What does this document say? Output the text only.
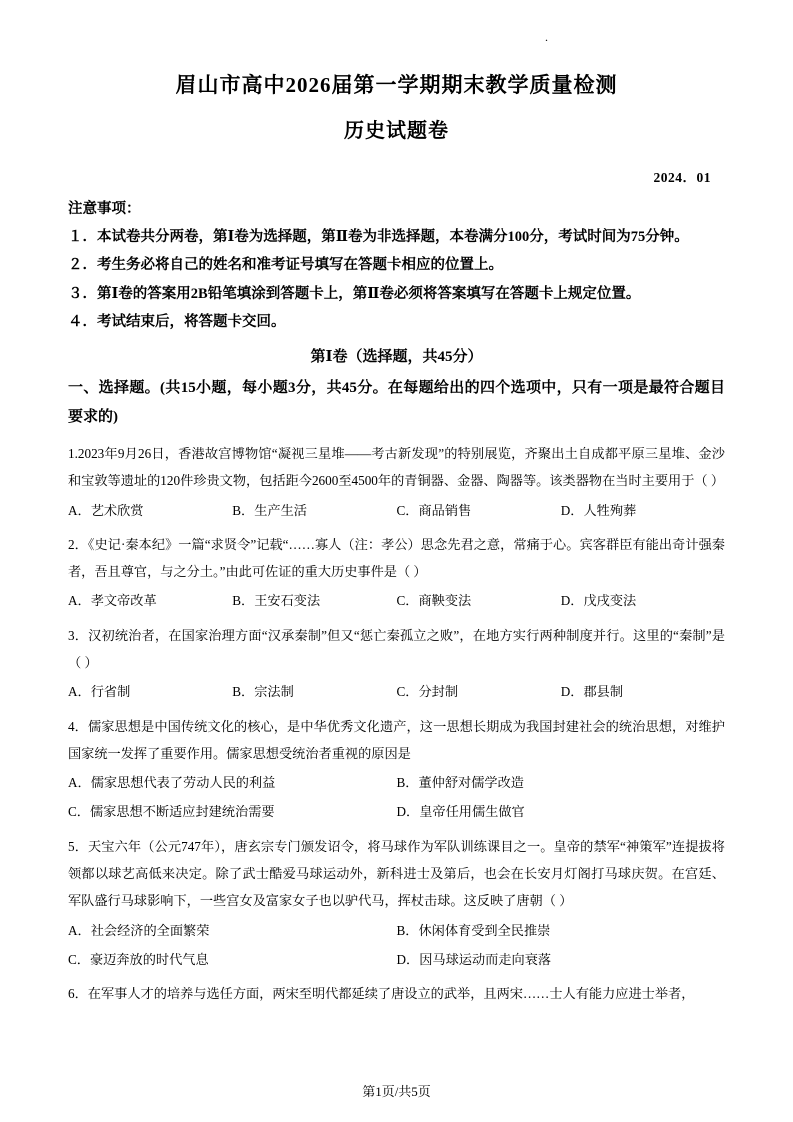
.
眉山市高中2026届第一学期期末教学质量检测
历史试题卷
2024．01
注意事项：
１．本试卷共分两卷，第Ⅰ卷为选择题，第Ⅱ卷为非选择题，本卷满分100分，考试时间为75分钟。
２．考生务必将自己的姓名和准考证号填写在答题卡相应的位置上。
３．第Ⅰ卷的答案用2B铅笔填涂到答题卡上，第Ⅱ卷必须将答案填写在答题卡上规定位置。
４．考试结束后，将答题卡交回。
第Ⅰ卷（选择题，共45分）
一、选择题。(共15小题，每小题3分，共45分。在每题给出的四个选项中，只有一项是最符合题目要求的)
1.2023年9月26日，香港故宫博物馆“凝视三星堆——考古新发现”的特别展览，齐聚出土自成都平原三星堆、金沙和宝敦等遗址的120件珍贵文物，包括距今2600至4500年的青铜器、金器、陶器等。该类器物在当时主要用于（ ）
A．艺术欣赏	B．生产生活	C．商品销售	D．人牲殉葬
2．《史记·秦本纪》一篇“求贤令”记载“……寡人（注：孝公）思念先君之意，常痛于心。宾客群臣有能出奇计强秦者，吾且尊官，与之分土。”由此可佐证的重大历史事件是（ ）
A．孝文帝改革	B．王安石变法	C．商鞅变法	D．戊戌变法
3．汉初统治者，在国家治理方面“汉承秦制”但又“惩亡秦孤立之败”，在地方实行两种制度并行。这里的“秦制”是（ ）
A．行省制	B．宗法制	C．分封制	D．郡县制
4．儒家思想是中国传统文化的核心，是中华优秀文化遗产，这一思想长期成为我国封建社会的统治思想，对维护国家统一发挥了重要作用。儒家思想受统治者重视的原因是
A．儒家思想代表了劳动人民的利益	B．董仲舒对儒学改造
C．儒家思想不断适应封建统治需要	D．皇帝任用儒生做官
5．天宝六年（公元747年），唐玄宗专门颁发诏令，将马球作为军队训练课目之一。皇帝的禁军“神策军”连提拔将领都以球艺高低来决定。除了武士酷爱马球运动外，新科进士及第后，也会在长安月灯阁打马球庆贺。在宫廷、军队盛行马球影响下，一些宫女及富家女子也以驴代马，挥杖击球。这反映了唐朝（ ）
A．社会经济的全面繁荣	B．休闲体育受到全民推崇
C．豪迈奔放的时代气息	D．因马球运动而走向衰落
6．在军事人才的培养与选任方面，两宋至明代都延续了唐设立的武举，且两宋……士人有能力应进士举者，
第1页/共5页
